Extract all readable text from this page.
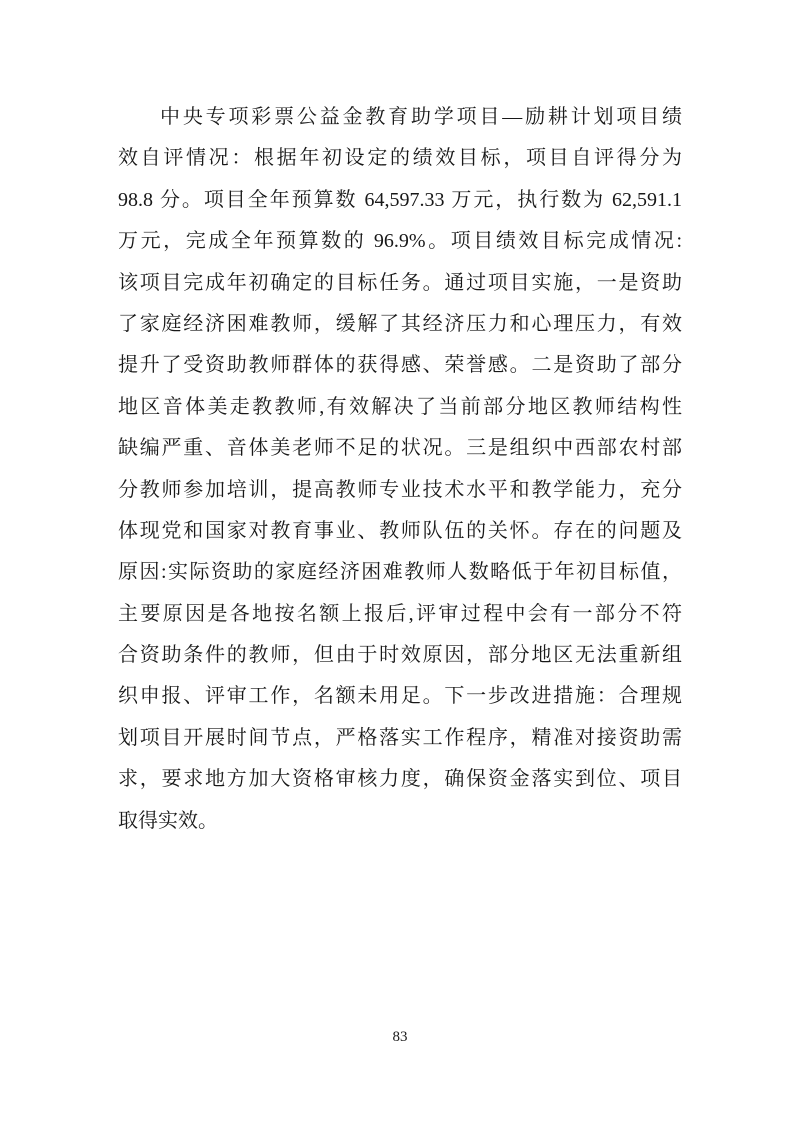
中央专项彩票公益金教育助学项目—励耕计划项目绩
效自评情况：根据年初设定的绩效目标，项目自评得分为
98.8 分。项目全年预算数 64,597.33 万元，执行数为 62,591.1
万元，完成全年预算数的 96.9%。项目绩效目标完成情况:
该项目完成年初确定的目标任务。通过项目实施，一是资助
了家庭经济困难教师，缓解了其经济压力和心理压力，有效
提升了受资助教师群体的获得感、荣誉感。二是资助了部分
地区音体美走教教师,有效解决了当前部分地区教师结构性
缺编严重、音体美老师不足的状况。三是组织中西部农村部
分教师参加培训，提高教师专业技术水平和教学能力，充分
体现党和国家对教育事业、教师队伍的关怀。存在的问题及
原因:实际资助的家庭经济困难教师人数略低于年初目标值，
主要原因是各地按名额上报后,评审过程中会有一部分不符
合资助条件的教师，但由于时效原因，部分地区无法重新组
织申报、评审工作，名额未用足。下一步改进措施：合理规
划项目开展时间节点，严格落实工作程序，精准对接资助需
求，要求地方加大资格审核力度，确保资金落实到位、项目
取得实效。
83
